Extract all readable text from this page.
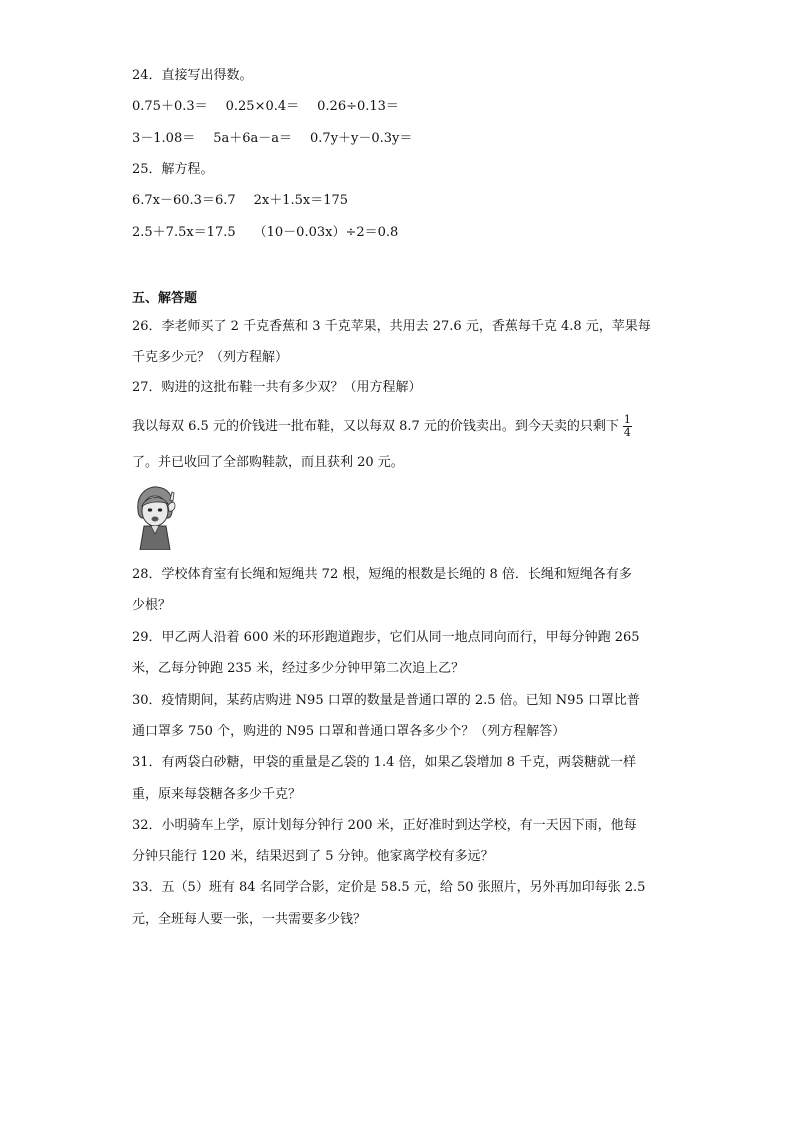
24．直接写出得数。
0.75＋0.3＝ 0.25×0.4＝ 0.26÷0.13＝
3－1.08＝ 5a＋6a－a＝ 0.7y＋y－0.3y＝
25．解方程。
6.7x－60.3＝6.7 2x＋1.5x＝175
2.5＋7.5x＝17.5 （10－0.03x）÷2＝0.8
五、解答题
26．李老师买了 2 千克香蕉和 3 千克苹果，共用去 27.6 元，香蕉每千克 4.8 元，苹果每
千克多少元？（列方程解）
27．购进的这批布鞋一共有多少双？（用方程解）
我以每双 6.5 元的价钱进一批布鞋，又以每双 8.7 元的价钱卖出。到今天卖的只剩下 $\frac{1}{4}$
了。并已收回了全部购鞋款，而且获利 20 元。
28．学校体育室有长绳和短绳共 72 根，短绳的根数是长绳的 8 倍．长绳和短绳各有多
少根？
29．甲乙两人沿着 600 米的环形跑道跑步，它们从同一地点同向而行，甲每分钟跑 265
米，乙每分钟跑 235 米，经过多少分钟甲第二次追上乙？
30．疫情期间，某药店购进 N95 口罩的数量是普通口罩的 2.5 倍。已知 N95 口罩比普
通口罩多 750 个，购进的 N95 口罩和普通口罩各多少个？（列方程解答）
31．有两袋白砂糖，甲袋的重量是乙袋的 1.4 倍，如果乙袋增加 8 千克，两袋糖就一样
重，原来每袋糖各多少千克？
32．小明骑车上学，原计划每分钟行 200 米，正好准时到达学校，有一天因下雨，他每
分钟只能行 120 米，结果迟到了 5 分钟。他家离学校有多远？
33．五（5）班有 84 名同学合影，定价是 58.5 元，给 50 张照片，另外再加印每张 2.5
元，全班每人要一张，一共需要多少钱？
